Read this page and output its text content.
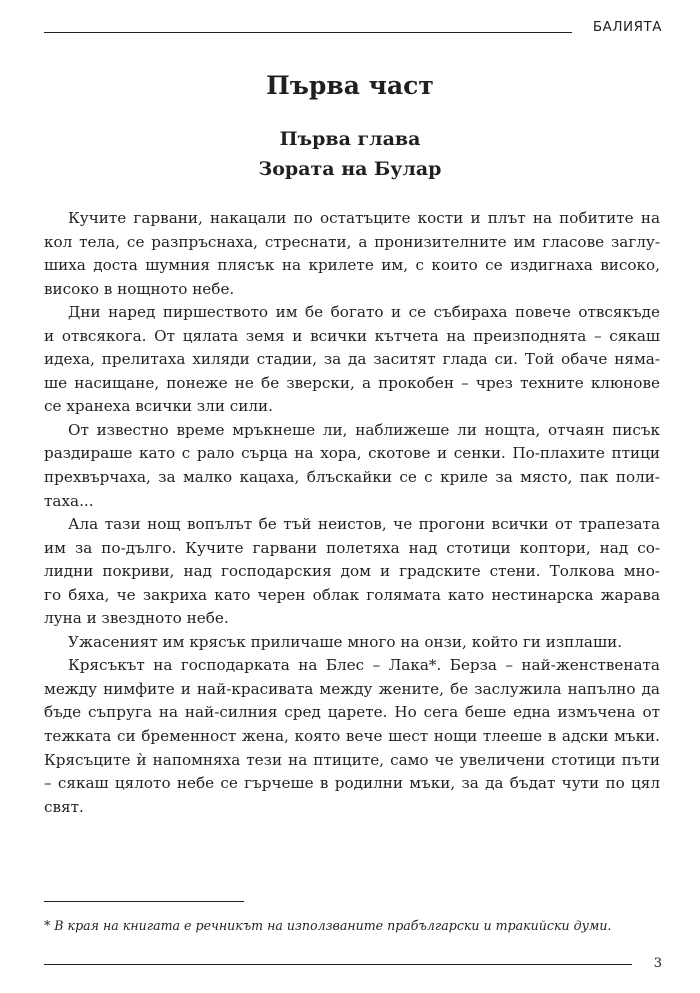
БАЛИЯТА
Първа част
Първа глава
Зората на Булар
Кучите гарвани, накацали по остатъците кости и плът на побитите на
кол тела, се разпръснаха, стреснати, а пронизителните им гласове заглу-
шиха доста шумния плясък на крилете им, с които се издигнаха високо,
високо в нощното небе.
Дни наред пиршеството им бе богато и се събираха повече отвсякъде
и отвсякога. От цялата земя и всички кътчета на преизподнята – сякаш
идеха, прелитаха хиляди стадии, за да заситят глада си. Той обаче няма-
ше насищане, понеже не бе зверски, а прокобен – чрез техните клюнове
се хранеха всички зли сили.
От известно време мръкнеше ли, наближеше ли нощта, отчаян писък
раздираше като с рало сърца на хора, скотове и сенки. По-плахите птици
прехвърчаха, за малко кацаха, блъскайки се с криле за място, пак поли-
таха...
Ала тази нощ вопълът бе тъй неистов, че прогони всички от трапезата
им за по-дълго. Кучите гарвани полетяха над стотици коптори, над со-
лидни покриви, над господарския дом и градските стени. Толкова мно-
го бяха, че закриха като черен облак голямата като нестинарска жарава
луна и звездното небе.
Ужасеният им крясък приличаше много на онзи, който ги изплаши.
Крясъкът на господарката на Блес – Лака*. Берза – най-женствената
между нимфите и най-красивата между жените, бе заслужила напълно да
бъде съпруга на най-силния сред царете. Но сега беше една измъчена от
тежката си бременност жена, която вече шест нощи тлееше в адски мъки.
Крясъците ѝ напомняха тези на птиците, само че увеличени стотици пъти
– сякаш цялото небе се гърчеше в родилни мъки, за да бъдат чути по цял
свят.
* В края на книгата е речникът на използваните прабългарски и тракийски думи.
3
